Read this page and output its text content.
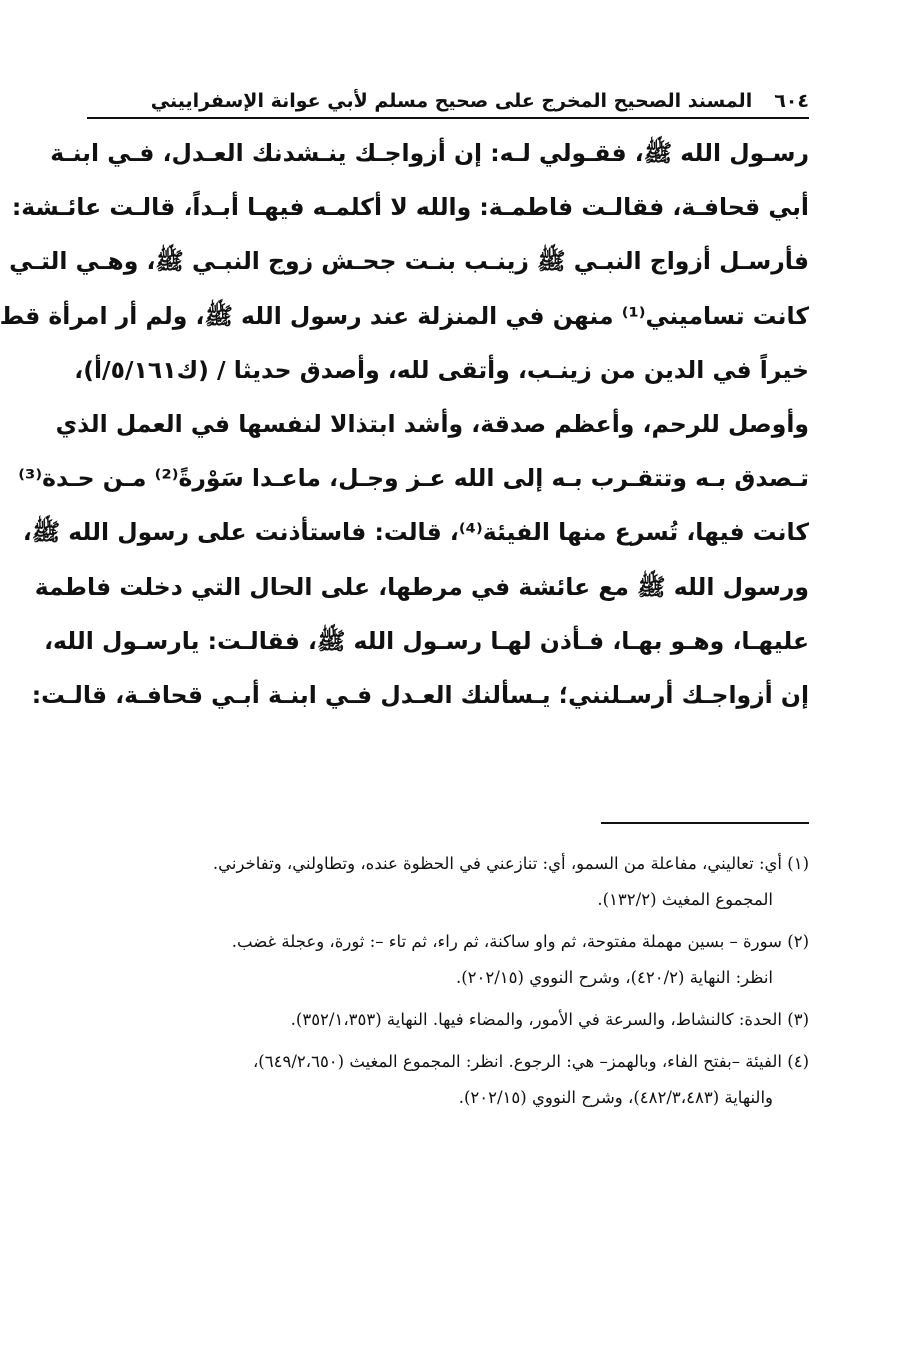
٦٠٤
المسند الصحيح المخرج على صحيح مسلم لأبي عوانة الإسفراييني
رسـول الله ﷺ، فقـولي لـه: إن أزواجـك ينـشدنك العـدل، فـي ابنـة
أبي قحافـة، فقالـت فاطمـة: والله لا أكلمـه فيهـا أبـداً، قالـت عائـشة:
فأرسـل أزواج النبـي ﷺ زينـب بنـت جحـش زوج النبـي ﷺ، وهـي التـي
كانت تساميني⁽¹⁾ منهن في المنزلة عند رسول الله ﷺ، ولم أر امرأة قط
خيراً في الدين من زينـب، وأتقى لله، وأصدق حديثا / (ك٥/١٦١/أ)،
وأوصل للرحم، وأعظم صدقة، وأشد ابتذالا لنفسها في العمل الذي
تـصدق بـه وتتقـرب بـه إلى الله عـز وجـل، ماعـدا سَوْرةً⁽²⁾ مـن حـدة⁽³⁾
كانت فيها، تُسرع منها الفيئة⁽⁴⁾، قالت: فاستأذنت على رسول الله ﷺ،
ورسول الله ﷺ مع عائشة في مرطها، على الحال التي دخلت فاطمة
عليهـا، وهـو بهـا، فـأذن لهـا رسـول الله ﷺ، فقالـت: يارسـول الله،
إن أزواجـك أرسـلنني؛ يـسألنك العـدل فـي ابنـة أبـي قحافـة، قالـت:
(١) أي: تعاليني، مفاعلة من السمو، أي: تنازعني في الحظوة عنده، وتطاولني، وتفاخرني.
المجموع المغيث (١٣٢/٢).
(٢) سورة – بسين مهملة مفتوحة، ثم واو ساكنة، ثم راء، ثم تاء –: ثورة، وعجلة غضب.
انظر: النهاية (٤٢٠/٢)، وشرح النووي (٢٠٢/١٥).
(٣) الحدة: كالنشاط، والسرعة في الأمور، والمضاء فيها. النهاية (٣٥٢/١،٣٥٣).
(٤) الفيئة –بفتح الفاء، وبالهمز– هي: الرجوع. انظر: المجموع المغيث (٦٤٩/٢،٦٥٠)،
والنهاية (٤٨٢/٣،٤٨٣)، وشرح النووي (٢٠٢/١٥).
